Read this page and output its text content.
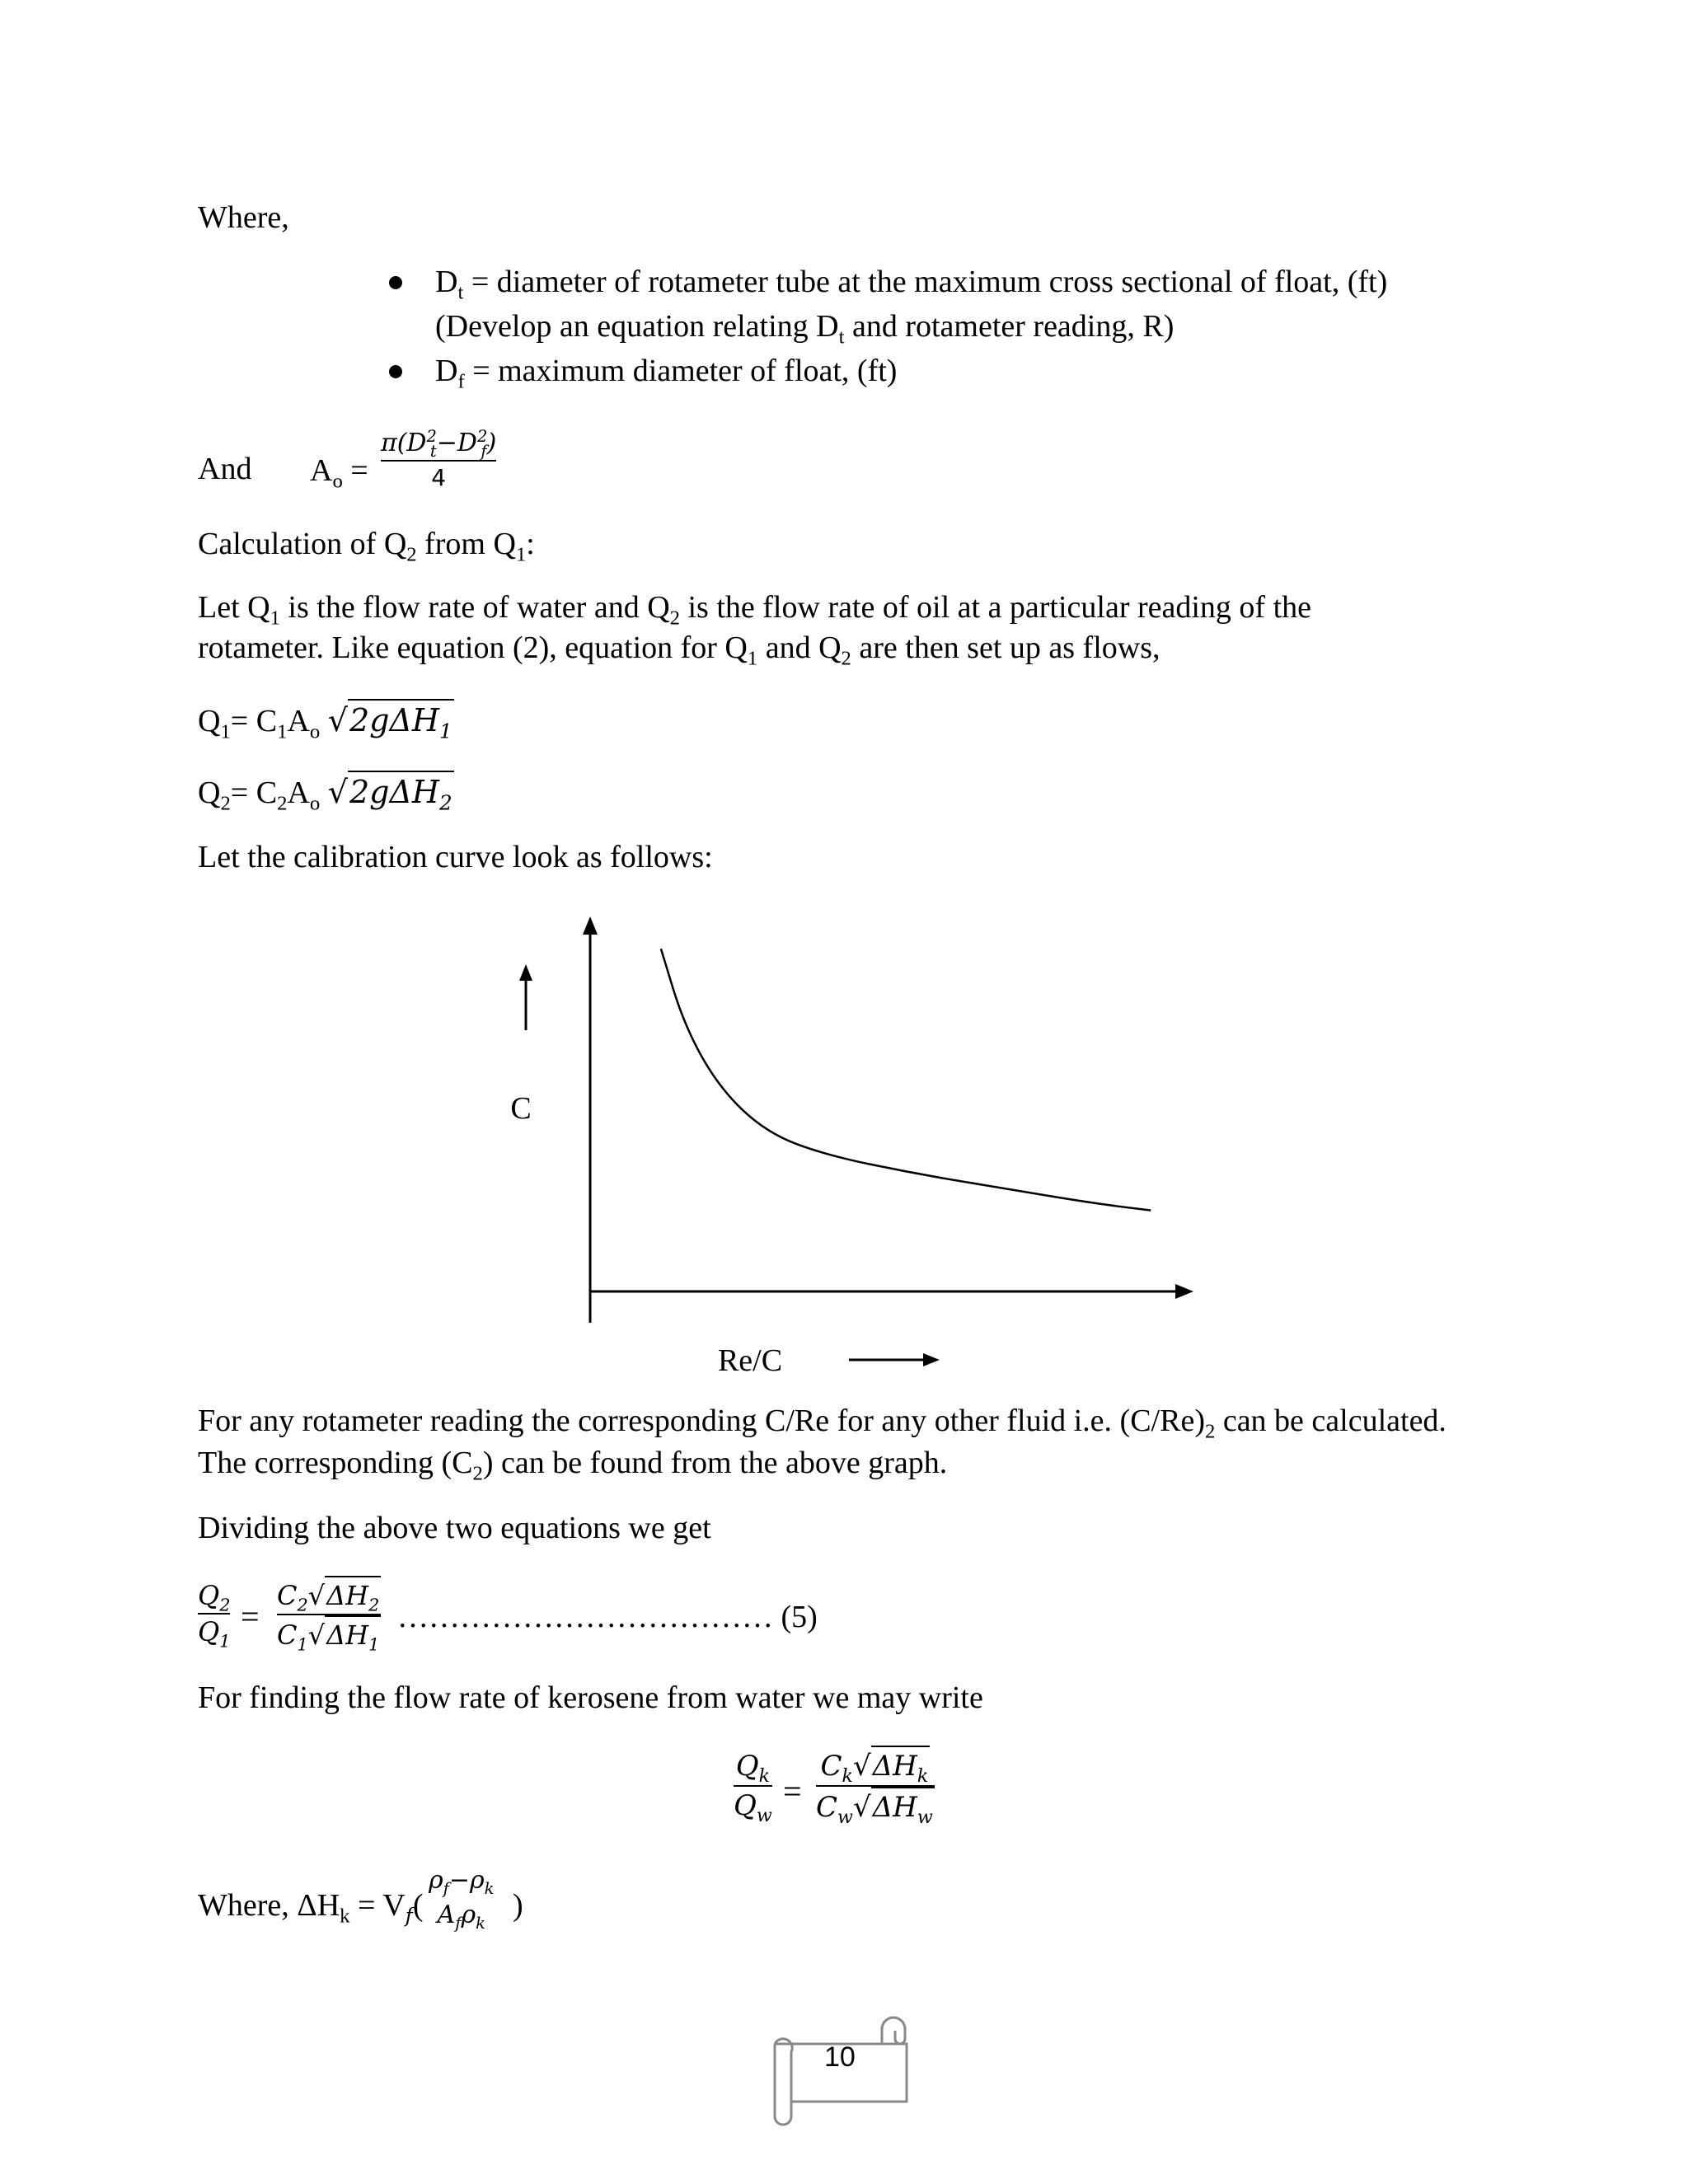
Where,
$D_t$ = diameter of rotameter tube at the maximum cross sectional of float, (ft)
(Develop an equation relating $D_t$ and rotameter reading, R)
$D_f$ = maximum diameter of float, (ft)
And $A_o$ =
$\pi(D^2_t-D^2_f)$
4
Calculation of $Q_2$ from $Q_1$:
Let $Q_1$ is the flow rate of water and $Q_2$ is the flow rate of oil at a particular reading of the
rotameter. Like equation (2), equation for $Q_1$ and $Q_2$ are then set up as flows,
$Q_1= C_1A_o$ √2gΔH$_1$
$Q_2= C_2A_o$ √2gΔH$_2$
Let the calibration curve look as follows:
C
Re/C
For any rotameter reading the corresponding C/Re for any other fluid i.e. $(C/Re)_2$ can be calculated.
The corresponding $(C_2)$ can be found from the above graph.
Dividing the above two equations we get
$Q_2$
$Q_1$
=
$C_2√\Delta H_2$
$C_1√\Delta H_1$
……………………………… (5)
For finding the flow rate of kerosene from water we may write
$Q_k$
$Q_w$
=
$C_k√\Delta H_k$
$C_w√\Delta H_w$
Where, $\Delta H_k = V_f$(
$\rho_f-\rho_k$
$A_f\rho_k$
)
10
